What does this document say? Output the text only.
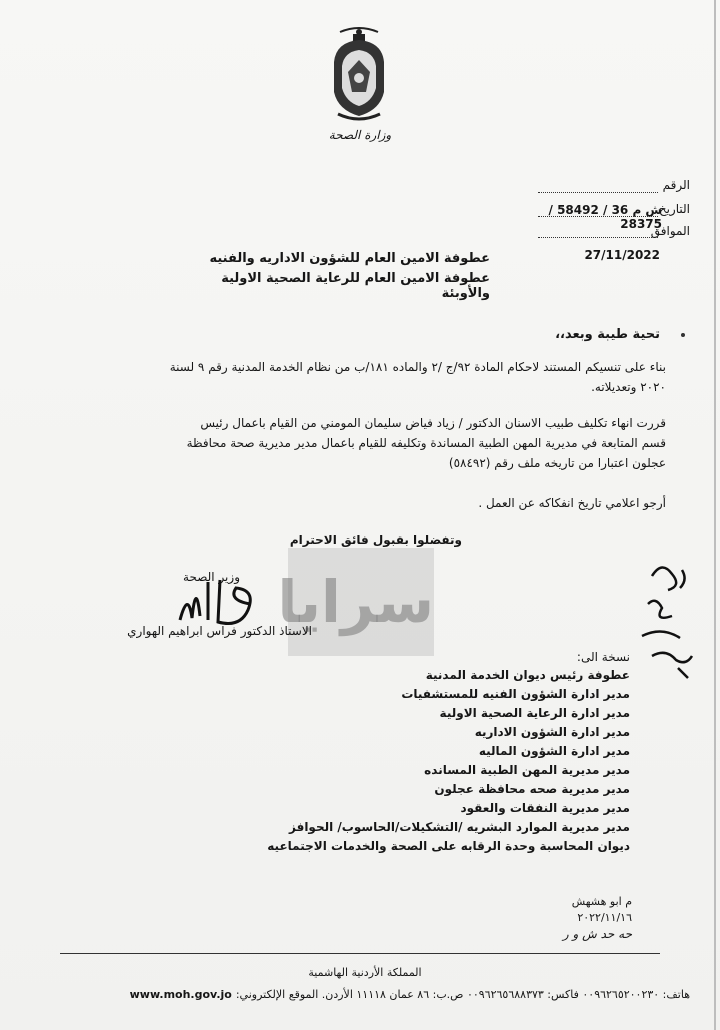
وزارة الصحة
الرقم
التاريخ
ش م 36 / 58492 / 28375
الموافق
27/11/2022
عطوفة الامين العام للشؤون الاداريه والفنيه
عطوفة الامين العام للرعاية الصحية الاولية والأوبئة
تحية طيبة وبعد،،
بناء على تنسيكم المستند لاحكام المادة ٩٢/ج /٢ والماده ١٨١/ب من نظام الخدمة المدنية رقم ٩ لسنة
٢٠٢٠ وتعديلاته.
قررت انهاء تكليف طبيب الاسنان الدكتور / زياد فياض سليمان المومني من القيام باعمال رئيس
قسم المتابعة في مديرية المهن الطبية المساندة وتكليفه للقيام باعمال مدير مديرية صحة محافظة
عجلون اعتبارا من تاريخه ملف رقم (٥٨٤٩٢)
أرجو اعلامي تاريخ انفكاكه عن العمل .
وتفضلوا بقبول فائق الاحترام
سرايا
وزير الصحة
الاستاذ الدكتور فراس ابراهيم الهواري
نسخة الى:
عطوفة رئيس ديوان الخدمة المدنية
مدير ادارة الشؤون الفنيه للمستشفيات
مدير ادارة الرعاية الصحية الاولية
مدير ادارة الشؤون الاداريه
مدير ادارة الشؤون الماليه
مدير مديرية المهن الطبية المسانده
مدير مديرية صحه محافظة عجلون
مدير مديرية النفقات والعقود
مدير مديرية الموارد البشريه /التشكيلات/الحاسوب/ الحوافز
ديوان المحاسبة وحدة الرقابه على الصحة والخدمات الاجتماعيه
م ابو هشهش
٢٠٢٢/١١/١٦
حه حد ش و ر
المملكة الأردنية الهاشمية
هاتف: ٠٠٩٦٢٦٥٢٠٠٢٣٠ فاكس: ٠٠٩٦٢٦٥٦٨٨٣٧٣ ص.ب: ٨٦ عمان ١١١١٨ الأردن. الموقع الإلكتروني:
www.moh.gov.jo
